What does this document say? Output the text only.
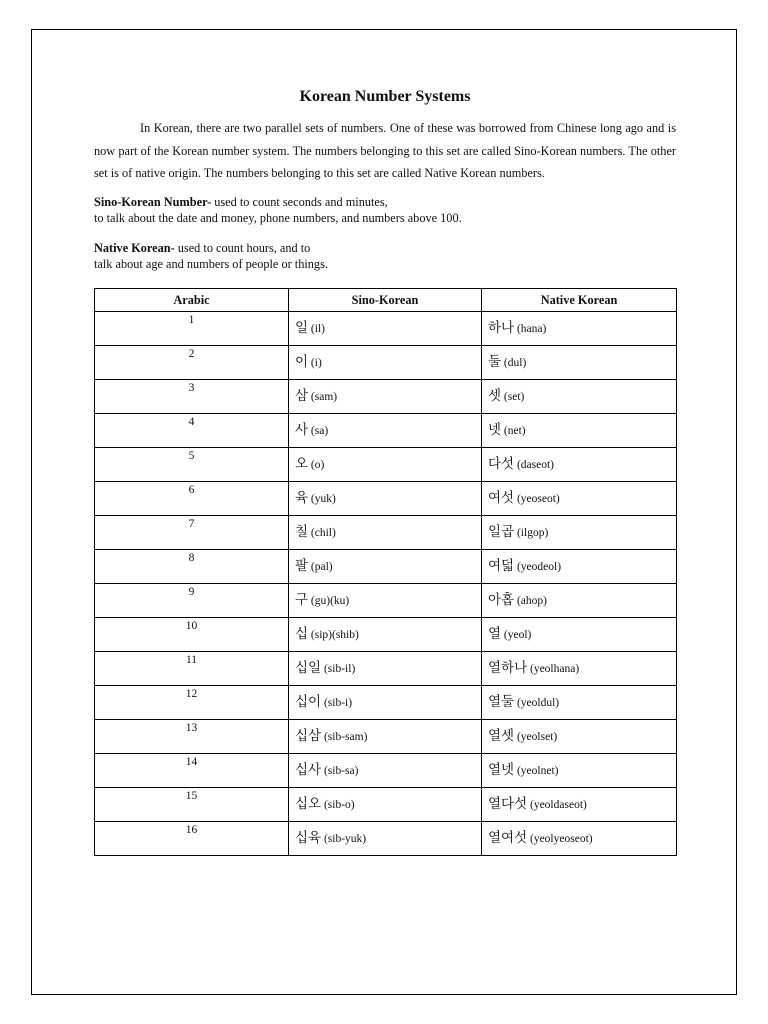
Korean Number Systems

In Korean, there are two parallel sets of numbers. One of these was borrowed from Chinese long ago and is now part of the Korean number system. The numbers belonging to this set are called Sino-Korean numbers. The other set is of native origin. The numbers belonging to this set are called Native Korean numbers.

Sino-Korean Number- used to count seconds and minutes,
to talk about the date and money, phone numbers, and numbers above 100.

Native Korean- used to count hours, and to
talk about age and numbers of people or things.

Arabic	Sino-Korean	Native Korean
1	일 (il)	하나 (hana)
2	이 (i)	둘 (dul)
3	삼 (sam)	셋 (set)
4	사 (sa)	넷 (net)
5	오 (o)	다섯 (daseot)
6	육 (yuk)	여섯 (yeoseot)
7	칠 (chil)	일곱 (ilgop)
8	팔 (pal)	여덟 (yeodeol)
9	구 (gu)(ku)	아홉 (ahop)
10	십 (sip)(shib)	열 (yeol)
11	십일 (sib-il)	열하나 (yeolhana)
12	십이 (sib-i)	열둘 (yeoldul)
13	십삼 (sib-sam)	열셋 (yeolset)
14	십사 (sib-sa)	열넷 (yeolnet)
15	십오 (sib-o)	열다섯 (yeoldaseot)
16	십육 (sib-yuk)	열여섯 (yeolyeoseot)
